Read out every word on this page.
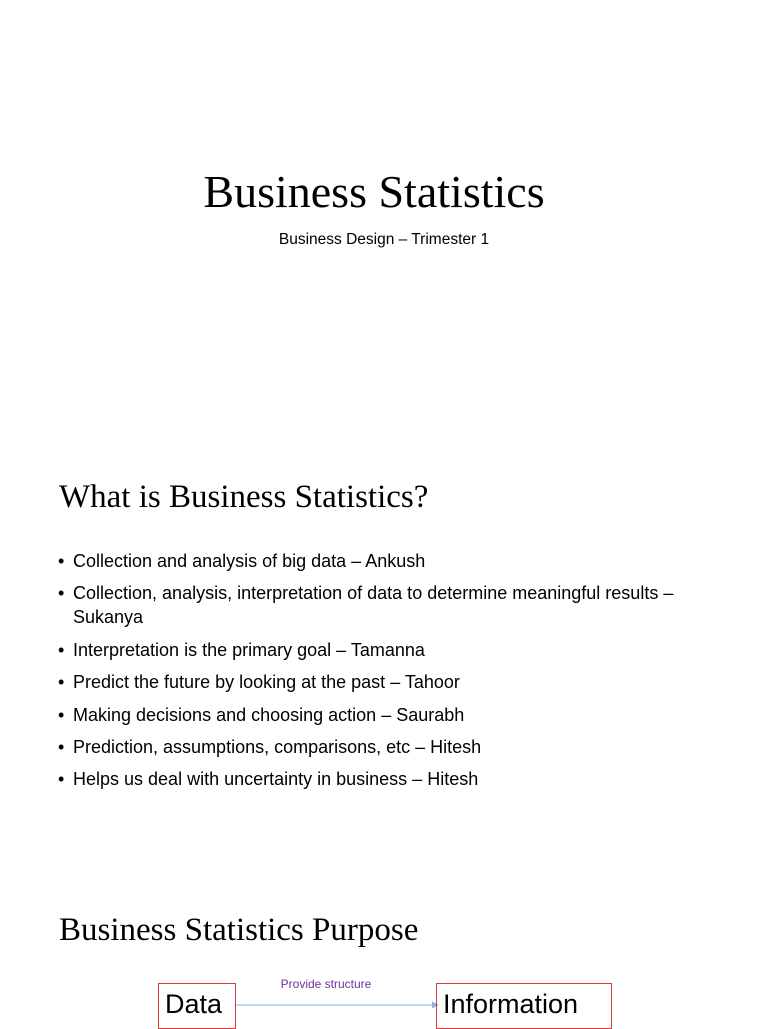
Business Statistics
Business Design – Trimester 1
What is Business Statistics?
• Collection and analysis of big data – Ankush
• Collection, analysis, interpretation of data to determine meaningful results – Sukanya
• Interpretation is the primary goal – Tamanna
• Predict the future by looking at the past – Tahoor
• Making decisions and choosing action – Saurabh
• Prediction, assumptions, comparisons, etc – Hitesh
• Helps us deal with uncertainty in business – Hitesh
Business Statistics Purpose
Data
Provide structure
Information
